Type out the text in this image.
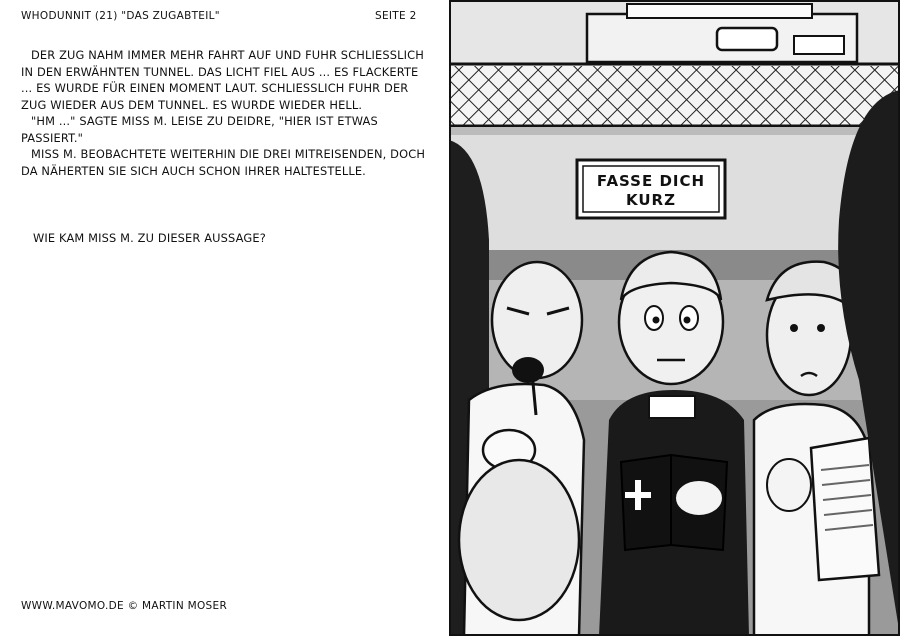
WHODUNNIT (21) "DAS ZUGABTEIL"	SEITE 2

DER ZUG NAHM IMMER MEHR FAHRT AUF UND FUHR SCHLIESSLICH IN DEN ERWÄHNTEN TUNNEL. DAS LICHT FIEL AUS ... ES FLACKERTE ... ES WURDE FÜR EINEN MOMENT LAUT. SCHLIESSLICH FUHR DER ZUG WIEDER AUS DEM TUNNEL. ES WURDE WIEDER HELL.

"HM ..." SAGTE MISS M. LEISE ZU DEIDRE, "HIER IST ETWAS PASSIERT."

MISS M. BEOBACHTETE WEITERHIN DIE DREI MITREISENDEN, DOCH DA NÄHERTEN SIE SICH AUCH SCHON IHRER HALTESTELLE.

WIE KAM MISS M. ZU DIESER AUSSAGE?
WWW.MAVOMO.DE © MARTIN MOSER
FASSE DICH
KURZ
